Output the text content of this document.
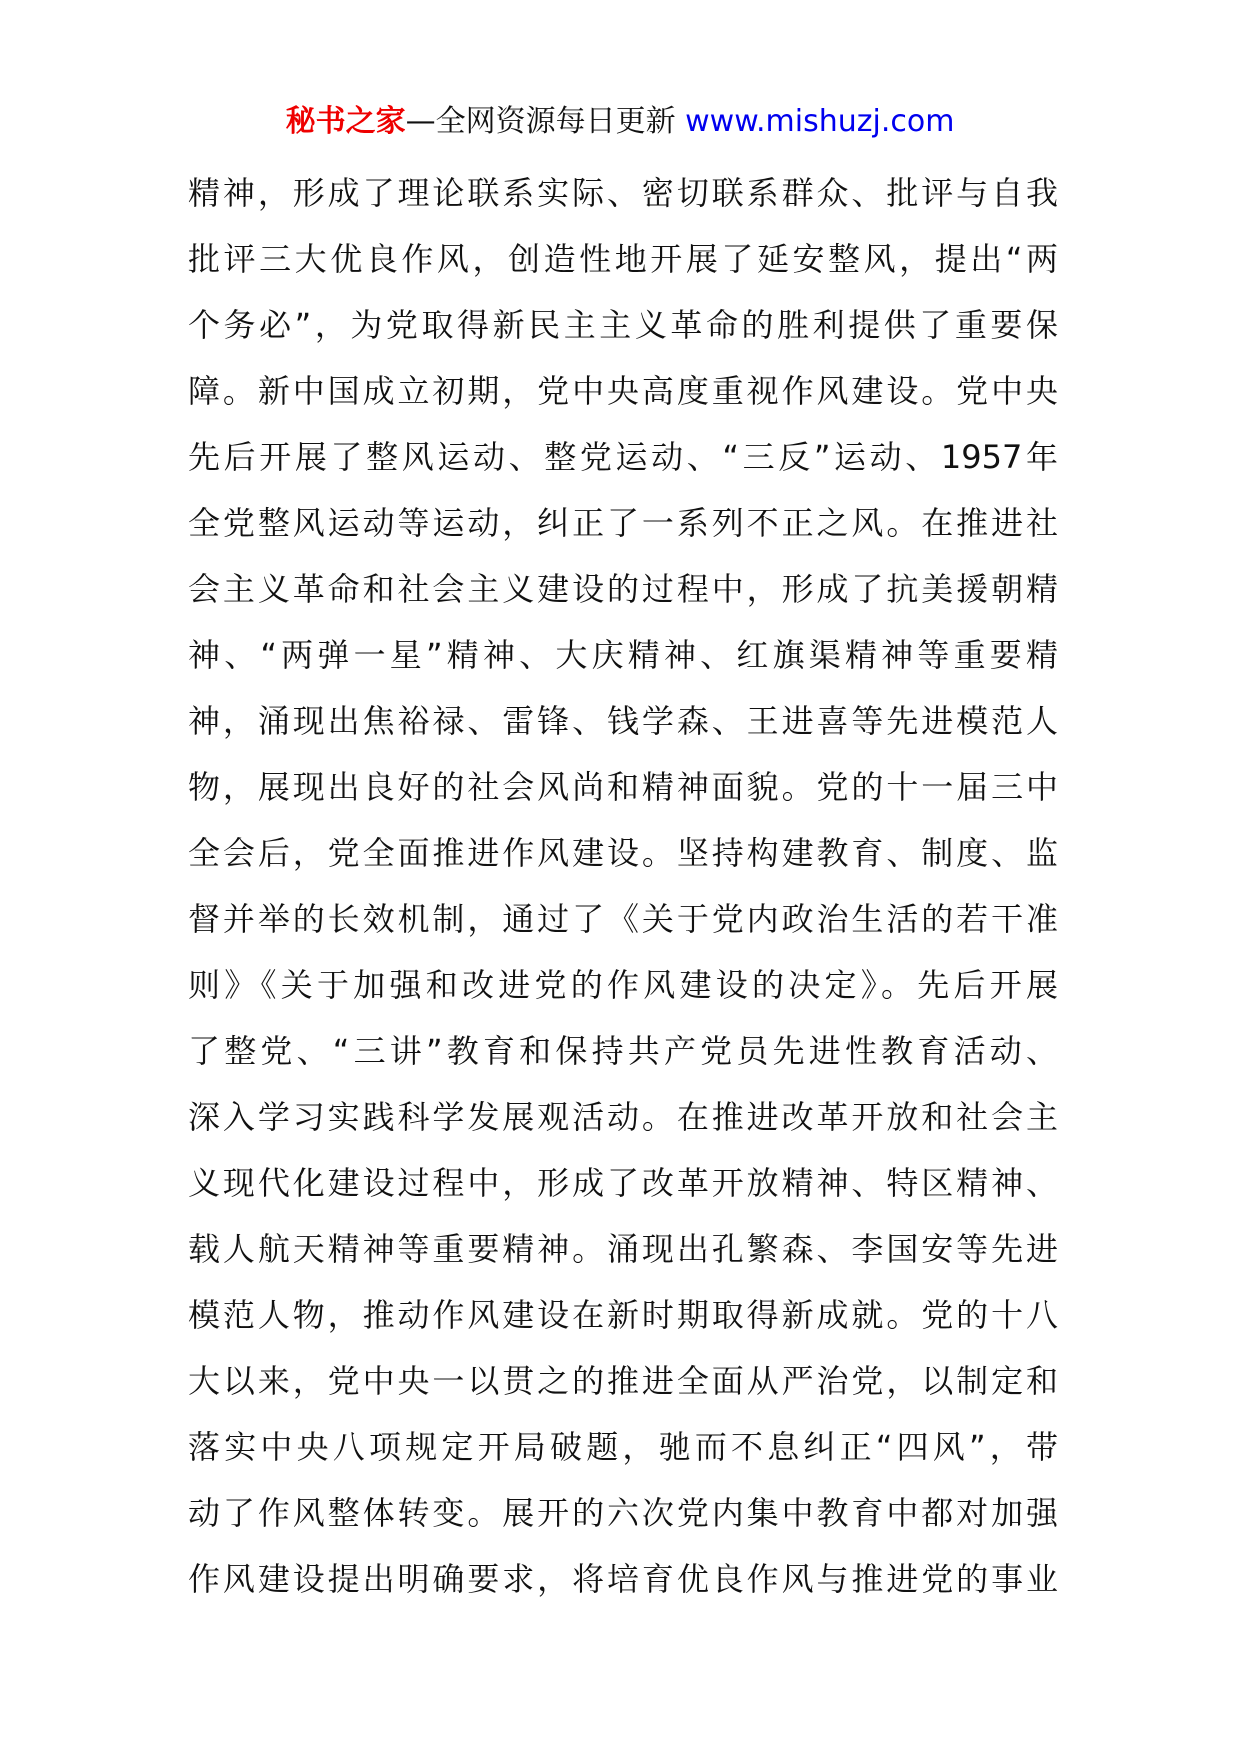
秘书之家—全网资源每日更新 www.mishuzj.com
精神，形成了理论联系实际、密切联系群众、批评与自我
批评三大优良作风，创造性地开展了延安整风，提出“两
个务必”，为党取得新民主主义革命的胜利提供了重要保
障。新中国成立初期，党中央高度重视作风建设。党中央
先后开展了整风运动、整党运动、“三反”运动、1957年
全党整风运动等运动，纠正了一系列不正之风。在推进社
会主义革命和社会主义建设的过程中，形成了抗美援朝精
神、“两弹一星”精神、大庆精神、红旗渠精神等重要精
神，涌现出焦裕禄、雷锋、钱学森、王进喜等先进模范人
物，展现出良好的社会风尚和精神面貌。党的十一届三中
全会后，党全面推进作风建设。坚持构建教育、制度、监
督并举的长效机制，通过了《关于党内政治生活的若干准
则》《关于加强和改进党的作风建设的决定》。先后开展
了整党、“三讲”教育和保持共产党员先进性教育活动、
深入学习实践科学发展观活动。在推进改革开放和社会主
义现代化建设过程中，形成了改革开放精神、特区精神、
载人航天精神等重要精神。涌现出孔繁森、李国安等先进
模范人物，推动作风建设在新时期取得新成就。党的十八
大以来，党中央一以贯之的推进全面从严治党，以制定和
落实中央八项规定开局破题，驰而不息纠正“四风”，带
动了作风整体转变。展开的六次党内集中教育中都对加强
作风建设提出明确要求，将培育优良作风与推进党的事业
